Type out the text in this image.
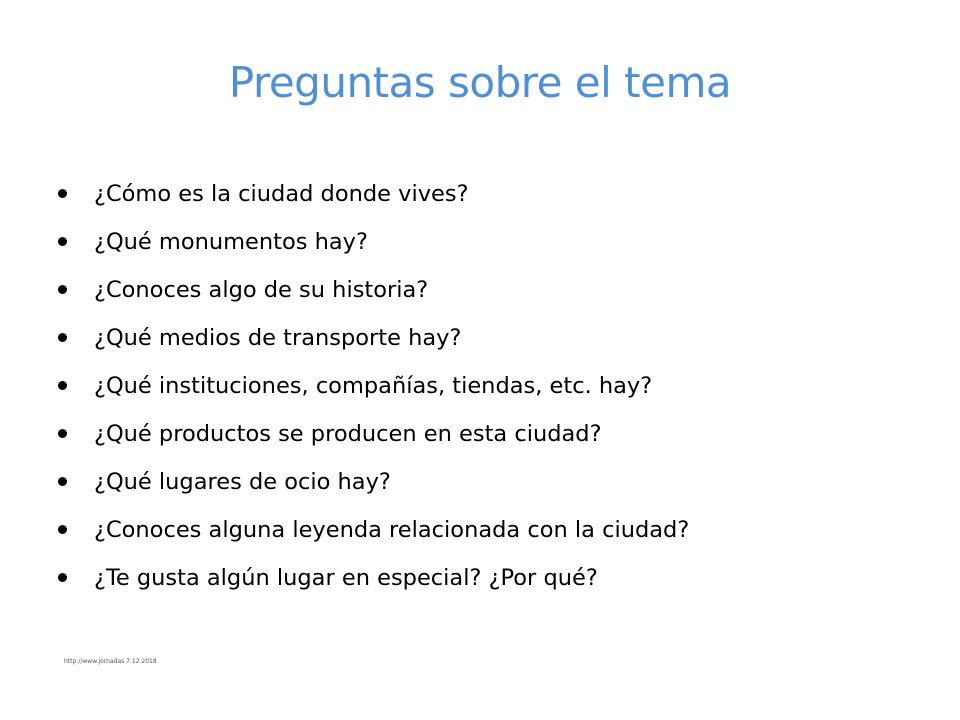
Preguntas sobre el tema
¿Cómo es la ciudad donde vives?
¿Qué monumentos hay?
¿Conoces algo de su historia?
¿Qué medios de transporte hay?
¿Qué instituciones, compañías, tiendas, etc. hay?
¿Qué productos se producen en esta ciudad?
¿Qué lugares de ocio hay?
¿Conoces alguna leyenda relacionada con la ciudad?
¿Te gusta algún lugar en especial? ¿Por qué?
http://www.jornadas 7.12.2018
